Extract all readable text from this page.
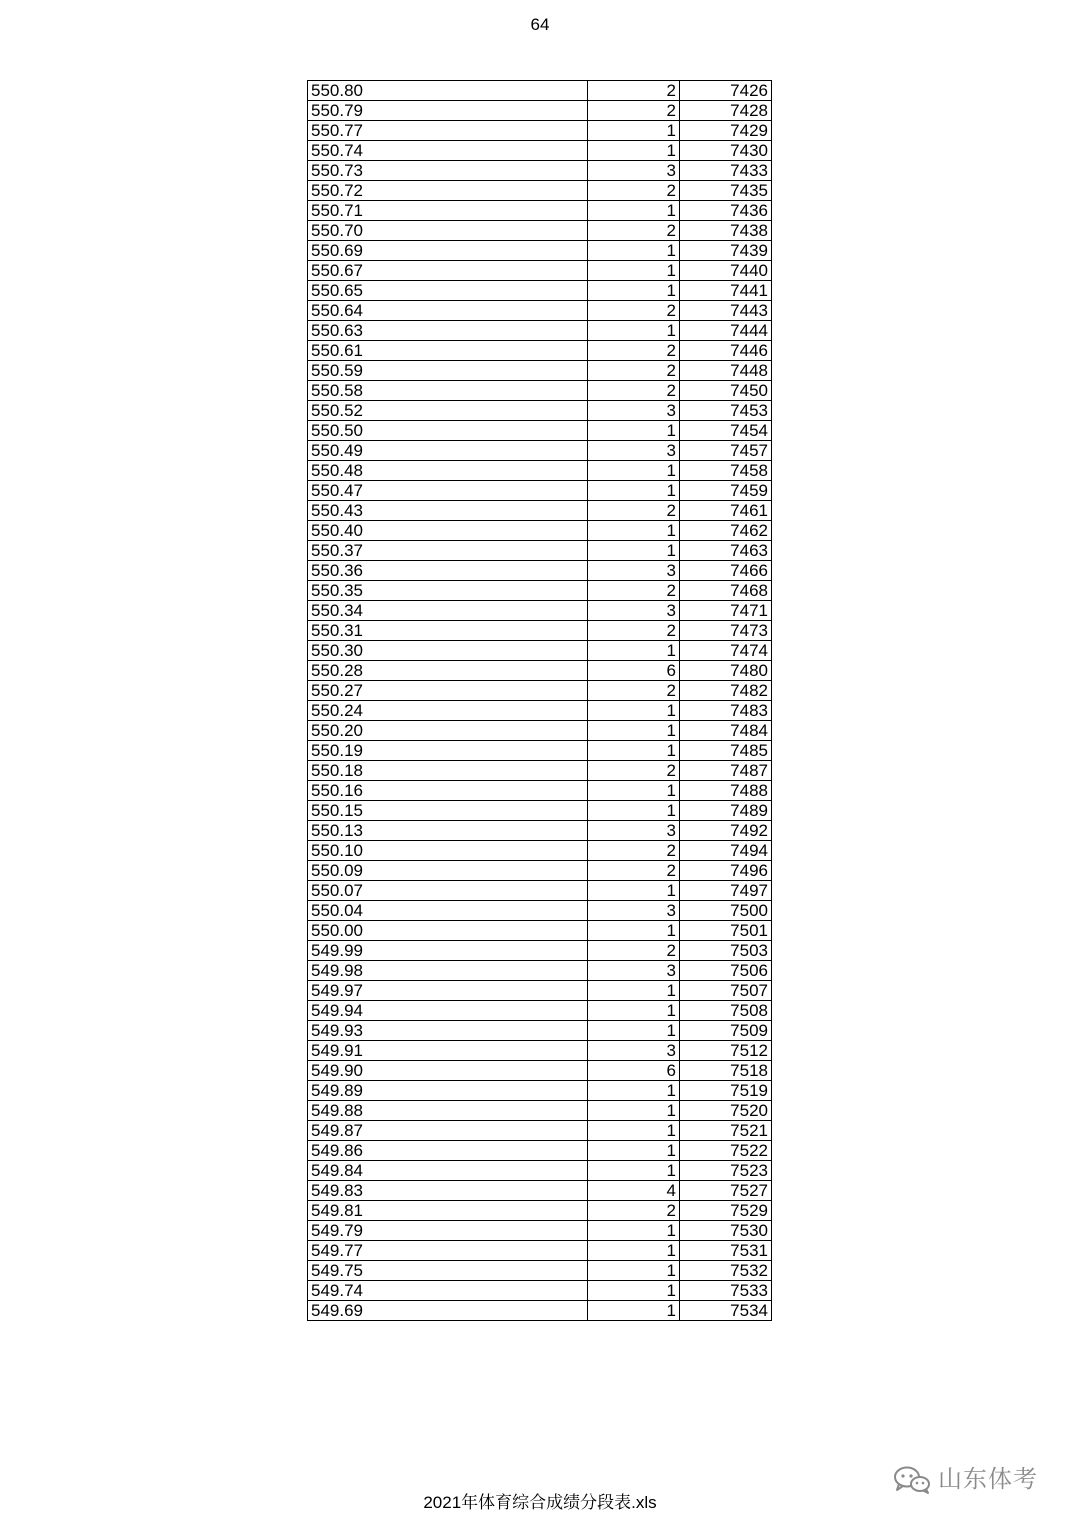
64
550.80	2	7426
550.79	2	7428
550.77	1	7429
550.74	1	7430
550.73	3	7433
550.72	2	7435
550.71	1	7436
550.70	2	7438
550.69	1	7439
550.67	1	7440
550.65	1	7441
550.64	2	7443
550.63	1	7444
550.61	2	7446
550.59	2	7448
550.58	2	7450
550.52	3	7453
550.50	1	7454
550.49	3	7457
550.48	1	7458
550.47	1	7459
550.43	2	7461
550.40	1	7462
550.37	1	7463
550.36	3	7466
550.35	2	7468
550.34	3	7471
550.31	2	7473
550.30	1	7474
550.28	6	7480
550.27	2	7482
550.24	1	7483
550.20	1	7484
550.19	1	7485
550.18	2	7487
550.16	1	7488
550.15	1	7489
550.13	3	7492
550.10	2	7494
550.09	2	7496
550.07	1	7497
550.04	3	7500
550.00	1	7501
549.99	2	7503
549.98	3	7506
549.97	1	7507
549.94	1	7508
549.93	1	7509
549.91	3	7512
549.90	6	7518
549.89	1	7519
549.88	1	7520
549.87	1	7521
549.86	1	7522
549.84	1	7523
549.83	4	7527
549.81	2	7529
549.79	1	7530
549.77	1	7531
549.75	1	7532
549.74	1	7533
549.69	1	7534
2021年体育综合成绩分段表.xls
山东体考
